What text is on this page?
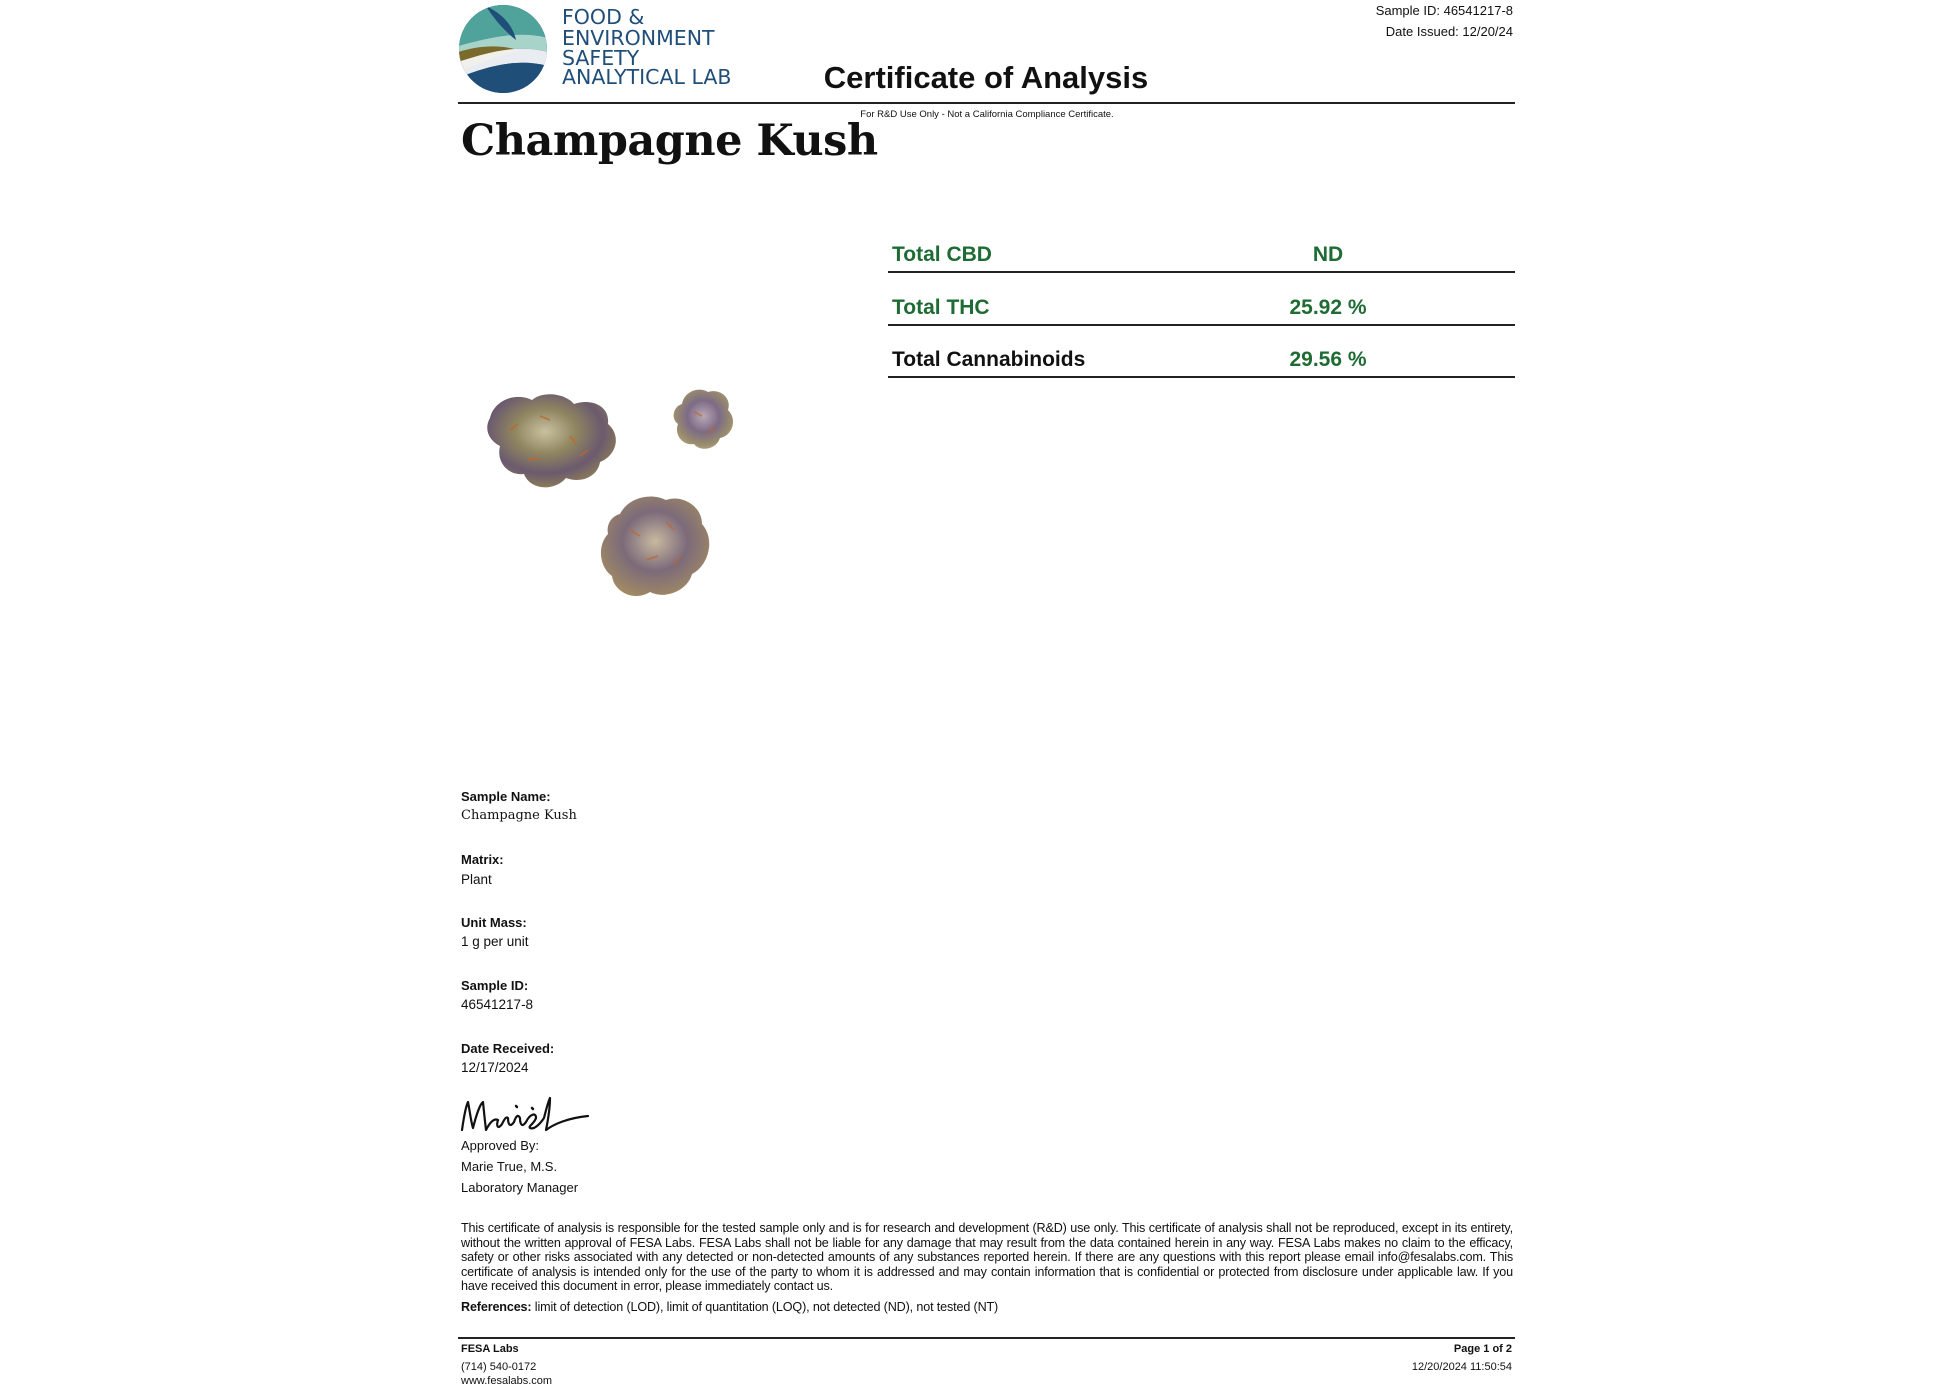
FOOD &
ENVIRONMENT
SAFETY
ANALYTICAL LAB
Sample ID: 46541217-8
Date Issued: 12/20/24
Certificate of Analysis
For R&D Use Only - Not a California Compliance Certificate.
Champagne Kush
Total CBD	ND
Total THC	25.92 %
Total Cannabinoids	29.56 %
Sample Name:
Champagne Kush
Matrix:
Plant
Unit Mass:
1 g per unit
Sample ID:
46541217-8
Date Received:
12/17/2024
Approved By:
Marie True, M.S.
Laboratory Manager
This certificate of analysis is responsible for the tested sample only and is for research and development (R&D) use only. This certificate of analysis shall not be reproduced, except in its entirety, without the written approval of FESA Labs. FESA Labs shall not be liable for any damage that may result from the data contained herein in any way. FESA Labs makes no claim to the efficacy, safety or other risks associated with any detected or non-detected amounts of any substances reported herein. If there are any questions with this report please email info@fesalabs.com. This certificate of analysis is intended only for the use of the party to whom it is addressed and may contain information that is confidential or protected from disclosure under applicable law. If you have received this document in error, please immediately contact us.
References: limit of detection (LOD), limit of quantitation (LOQ), not detected (ND), not tested (NT)
FESA Labs
(714) 540-0172
www.fesalabs.com
Page 1 of 2
12/20/2024 11:50:54
